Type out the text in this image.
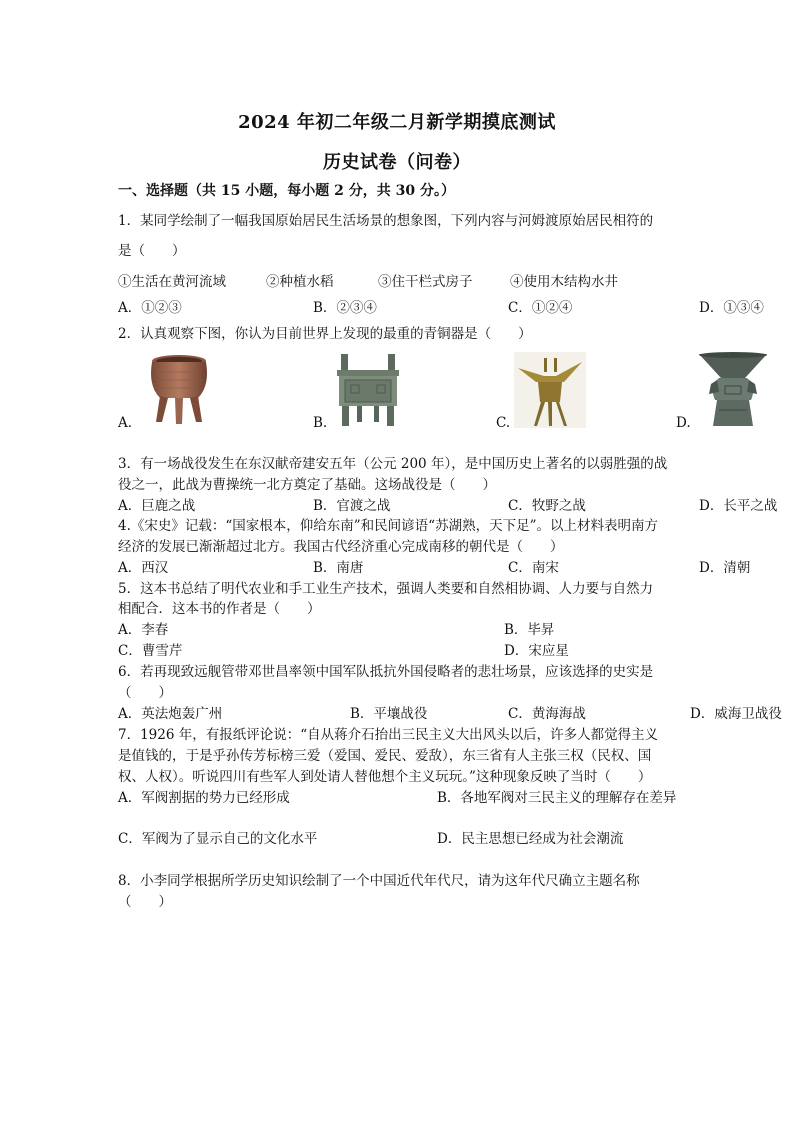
2024 年初二年级二月新学期摸底测试
历史试卷（问卷）
一、选择题（共 15 小题，每小题 2 分，共 30 分。）
1．某同学绘制了一幅我国原始居民生活场景的想象图，下列内容与河姆渡原始居民相符的
是（　　）
①生活在黄河流域	②种植水稻	③住干栏式房子	④使用木结构水井
A．①②③	B．②③④	C．①②④	D．①③④
2．认真观察下图，你认为目前世界上发现的最重的青铜器是（　　）
A．	B.	C.	D.
3．有一场战役发生在东汉献帝建安五年（公元 200 年），是中国历史上著名的以弱胜强的战
役之一，此战为曹操统一北方奠定了基础。这场战役是（　　）
A．巨鹿之战	B．官渡之战	C．牧野之战	D．长平之战
4.《宋史》记载：“国家根本，仰给东南”和民间谚语“苏湖熟，天下足”。以上材料表明南方
经济的发展已渐渐超过北方。我国古代经济重心完成南移的朝代是（　　）
A．西汉	B．南唐	C．南宋	D．清朝
5．这本书总结了明代农业和手工业生产技术，强调人类要和自然相协调、人力要与自然力
相配合．这本书的作者是（　　）
A．李春	B．毕昇
C．曹雪芹	D．宋应星
6．若再现致远舰管带邓世昌率领中国军队抵抗外国侵略者的悲壮场景，应该选择的史实是
（　　）
A．英法炮轰广州	B．平壤战役	C．黄海海战	D．威海卫战役
7．1926 年，有报纸评论说：“自从蒋介石抬出三民主义大出风头以后，许多人都觉得主义
是值钱的，于是乎孙传芳标榜三爱（爱国、爱民、爱敌），东三省有人主张三权（民权、国
权、人权）。听说四川有些军人到处请人替他想个主义玩玩。”这种现象反映了当时（　　）
A．军阀割据的势力已经形成	B．各地军阀对三民主义的理解存在差异
C．军阀为了显示自己的文化水平	D．民主思想已经成为社会潮流
8．小李同学根据所学历史知识绘制了一个中国近代年代尺，请为这年代尺确立主题名称
（　　）
